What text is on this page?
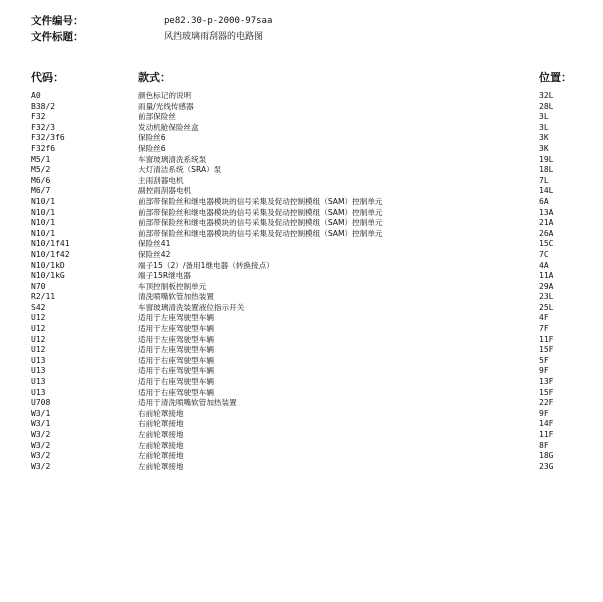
文件编号：	pe82.30-p-2000-97saa
文件标题：	风挡玻璃雨刮器的电路图
代码：	款式：	位置：
A0	颜色标记的说明	32L
B38/2	雨量/光线传感器	28L
F32	前部保险丝	3L
F32/3	发动机舱保险丝盒	3L
F32/3f6	保险丝6	3K
F32f6	保险丝6	3K
M5/1	车窗玻璃清洗系统泵	19L
M5/2	大灯清洁系统（SRA）泵	18L
M6/6	主雨刮器电机	7L
M6/7	副控雨刮器电机	14L
N10/1	前部带保险丝和继电器模块的信号采集及促动控制模组（SAM）控制单元	6A
N10/1	前部带保险丝和继电器模块的信号采集及促动控制模组（SAM）控制单元	13A
N10/1	前部带保险丝和继电器模块的信号采集及促动控制模组（SAM）控制单元	21A
N10/1	前部带保险丝和继电器模块的信号采集及促动控制模组（SAM）控制单元	26A
N10/1f41	保险丝41	15C
N10/1f42	保险丝42	7C
N10/1kD	端子15（2）/备用1继电器（转换接点）	4A
N10/1kG	端子15R继电器	11A
N70	车顶控制板控制单元	29A
R2/11	清洗喷嘴软管加热装置	23L
S42	车窗玻璃清洗装置液位指示开关	25L
U12	适用于左座驾驶型车辆	4F
U12	适用于左座驾驶型车辆	7F
U12	适用于左座驾驶型车辆	11F
U12	适用于左座驾驶型车辆	15F
U13	适用于右座驾驶型车辆	5F
U13	适用于右座驾驶型车辆	9F
U13	适用于右座驾驶型车辆	13F
U13	适用于右座驾驶型车辆	15F
U708	适用于清洗喷嘴软管加热装置	22F
W3/1	右前轮罩接地	9F
W3/1	右前轮罩接地	14F
W3/2	左前轮罩接地	11F
W3/2	左前轮罩接地	8F
W3/2	左前轮罩接地	18G
W3/2	左前轮罩接地	23G
